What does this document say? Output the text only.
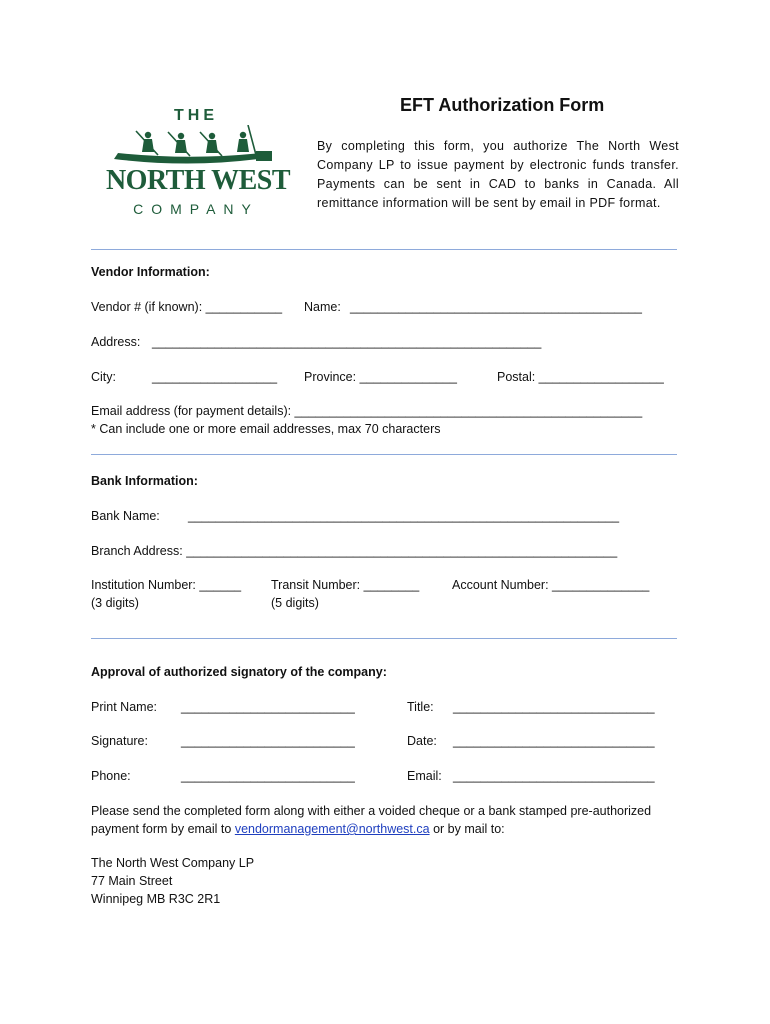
THE
NORTH WEST
COMPANY
EFT Authorization Form
By completing this form, you authorize The North West Company LP to issue payment by electronic funds transfer. Payments can be sent in CAD to banks in Canada. All remittance information will be sent by email in PDF format.
Vendor Information:
Vendor # (if known): ___________ Name: __________________________________________
Address: ________________________________________________________
City:	__________________ Province: ______________	Postal: __________________
Email address (for payment details): __________________________________________________
* Can include one or more email addresses, max 70 characters
Bank Information:
Bank Name: ______________________________________________________________
Branch Address: ______________________________________________________________
Institution Number: ______
(3 digits)
Transit Number: ________
(5 digits)
Account Number: ______________
Approval of authorized signatory of the company:
Print Name: _________________________	Title: _____________________________
Signature:	_________________________	Date: _____________________________
Phone:	_________________________	Email: _____________________________
Please send the completed form along with either a voided cheque or a bank stamped pre-authorized
payment form by email to vendormanagement@northwest.ca or by mail to:
The North West Company LP
77 Main Street
Winnipeg MB R3C 2R1
